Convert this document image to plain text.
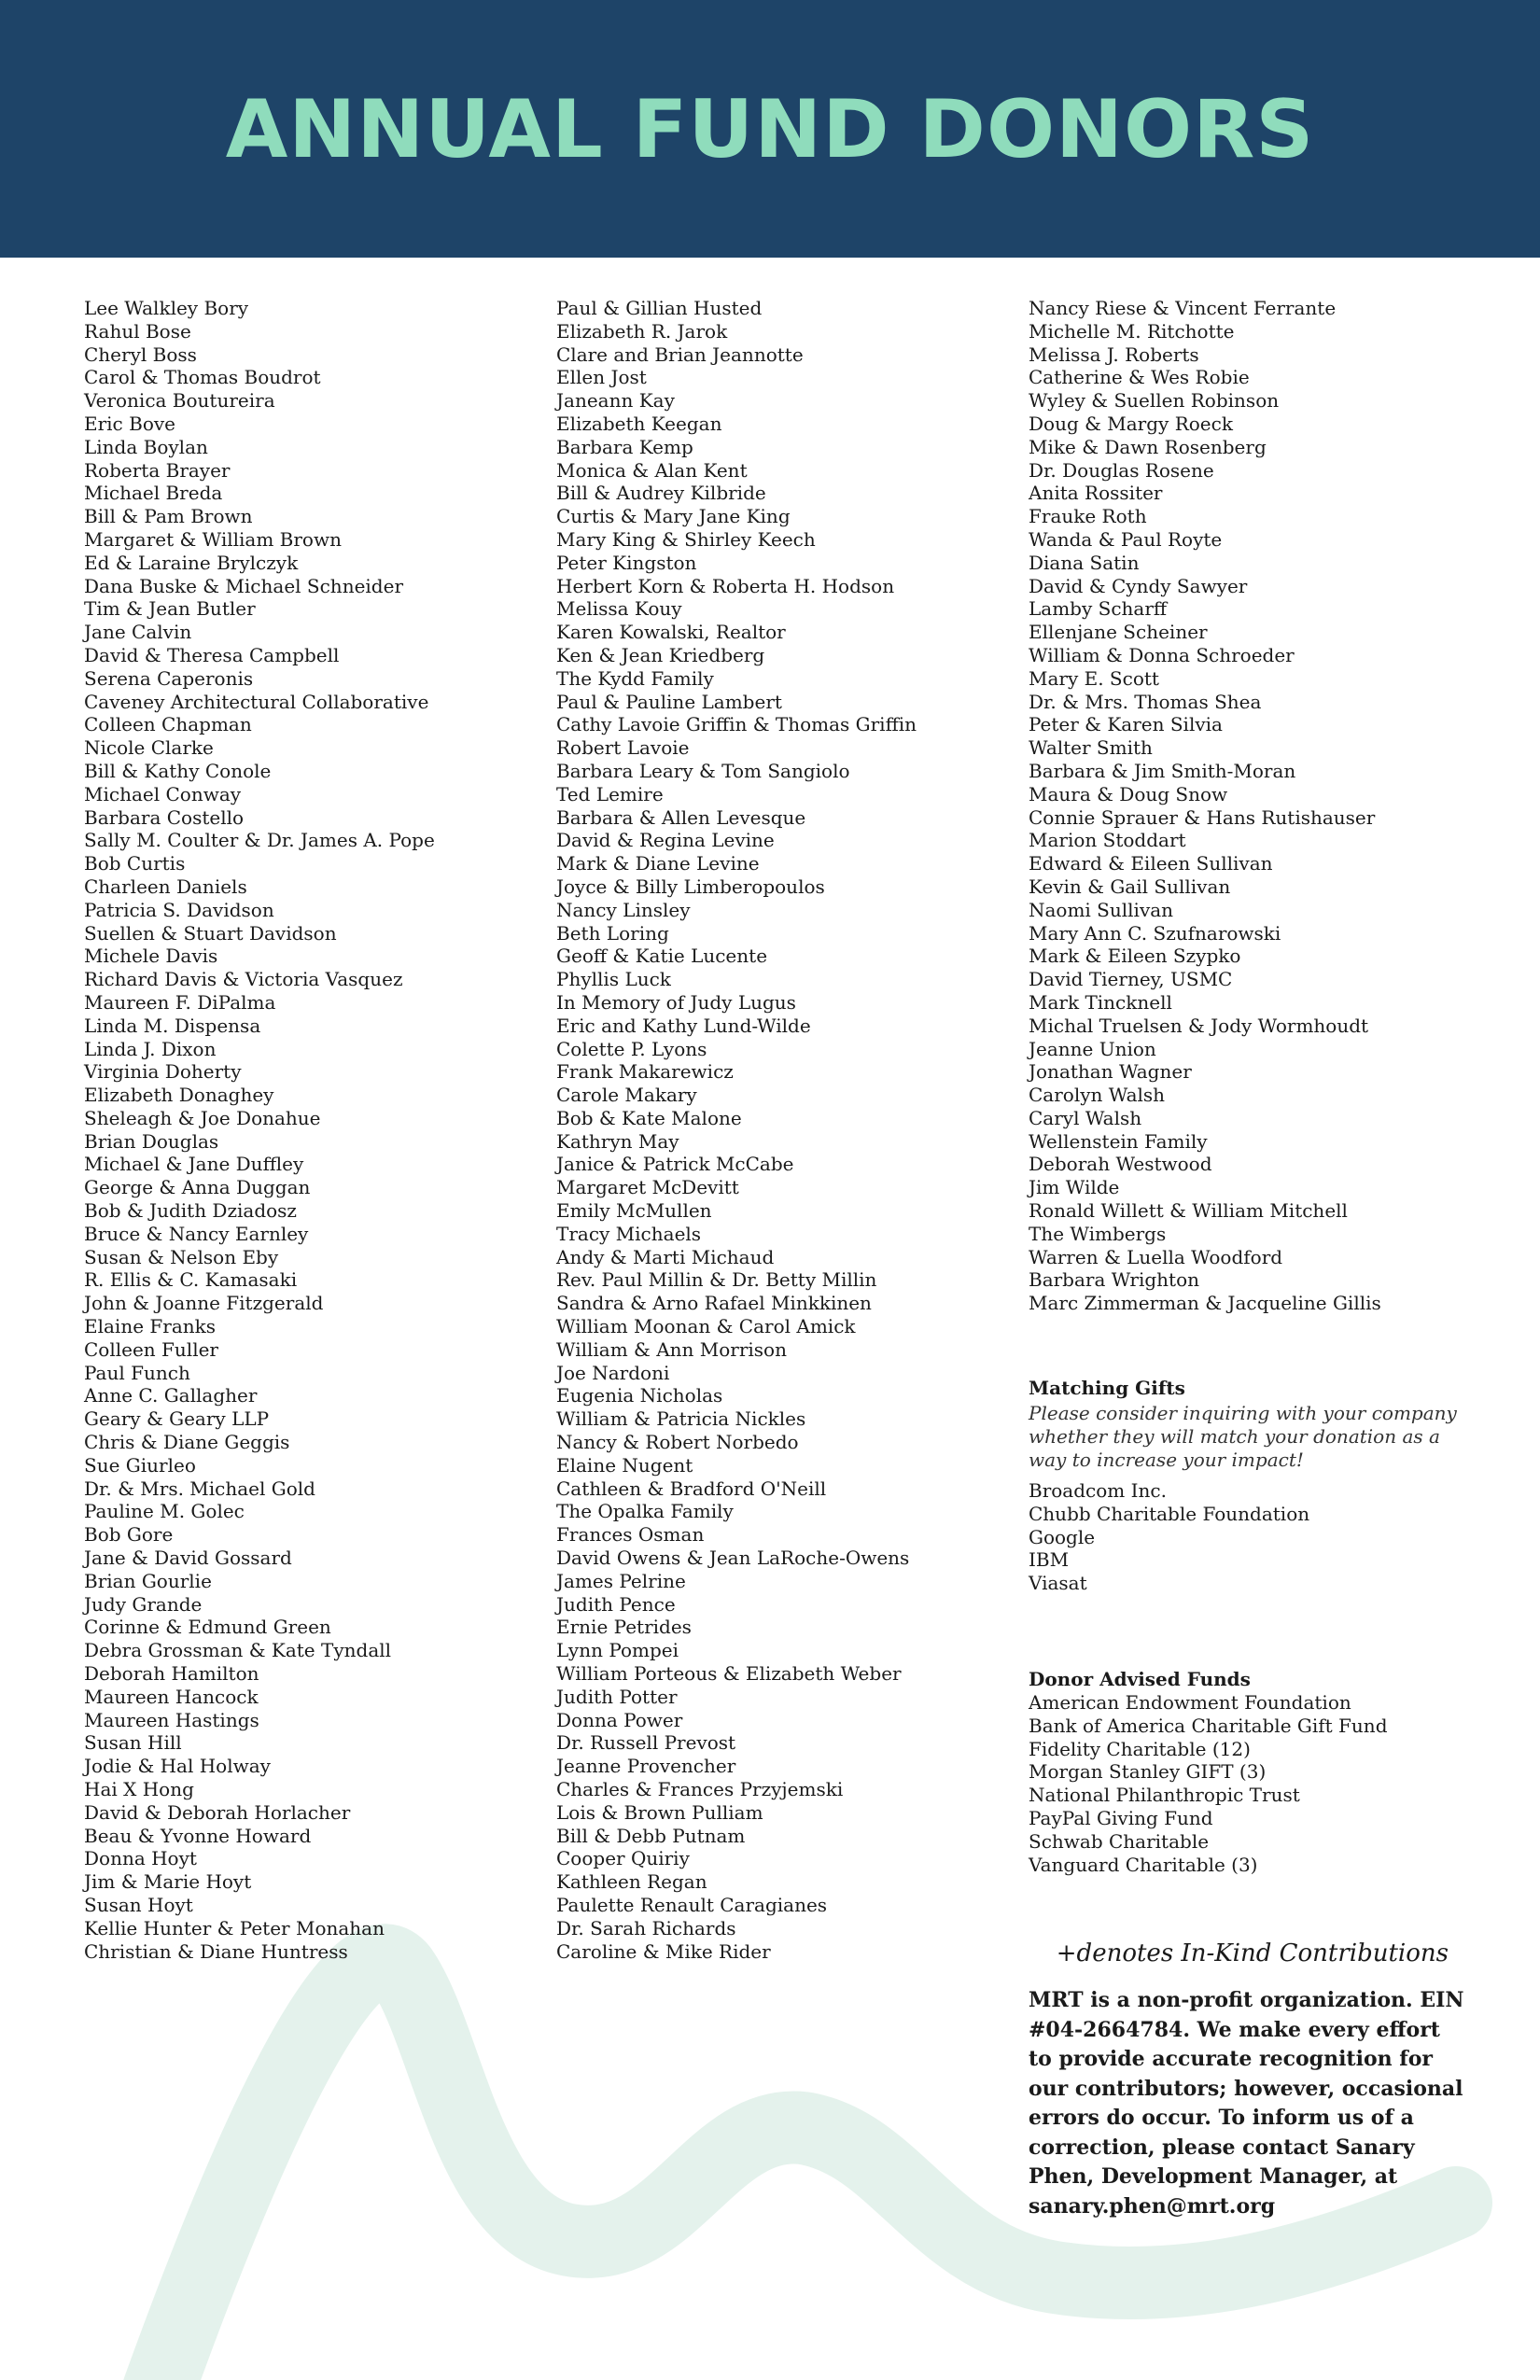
ANNUAL FUND DONORS
Lee Walkley Bory
Rahul Bose
Cheryl Boss
Carol & Thomas Boudrot
Veronica Boutureira
Eric Bove
Linda Boylan
Roberta Brayer
Michael Breda
Bill & Pam Brown
Margaret & William Brown
Ed & Laraine Brylczyk
Dana Buske & Michael Schneider
Tim & Jean Butler
Jane Calvin
David & Theresa Campbell
Serena Caperonis
Caveney Architectural Collaborative
Colleen Chapman
Nicole Clarke
Bill & Kathy Conole
Michael Conway
Barbara Costello
Sally M. Coulter & Dr. James A. Pope
Bob Curtis
Charleen Daniels
Patricia S. Davidson
Suellen & Stuart Davidson
Michele Davis
Richard Davis & Victoria Vasquez
Maureen F. DiPalma
Linda M. Dispensa
Linda J. Dixon
Virginia Doherty
Elizabeth Donaghey
Sheleagh & Joe Donahue
Brian Douglas
Michael & Jane Duffley
George & Anna Duggan
Bob & Judith Dziadosz
Bruce & Nancy Earnley
Susan & Nelson Eby
R. Ellis & C. Kamasaki
John & Joanne Fitzgerald
Elaine Franks
Colleen Fuller
Paul Funch
Anne C. Gallagher
Geary & Geary LLP
Chris & Diane Geggis
Sue Giurleo
Dr. & Mrs. Michael Gold
Pauline M. Golec
Bob Gore
Jane & David Gossard
Brian Gourlie
Judy Grande
Corinne & Edmund Green
Debra Grossman & Kate Tyndall
Deborah Hamilton
Maureen Hancock
Maureen Hastings
Susan Hill
Jodie & Hal Holway
Hai X Hong
David & Deborah Horlacher
Beau & Yvonne Howard
Donna Hoyt
Jim & Marie Hoyt
Susan Hoyt
Kellie Hunter & Peter Monahan
Christian & Diane Huntress
Paul & Gillian Husted
Elizabeth R. Jarok
Clare and Brian Jeannotte
Ellen Jost
Janeann Kay
Elizabeth Keegan
Barbara Kemp
Monica & Alan Kent
Bill & Audrey Kilbride
Curtis & Mary Jane King
Mary King & Shirley Keech
Peter Kingston
Herbert Korn & Roberta H. Hodson
Melissa Kouy
Karen Kowalski, Realtor
Ken & Jean Kriedberg
The Kydd Family
Paul & Pauline Lambert
Cathy Lavoie Griffin & Thomas Griffin
Robert Lavoie
Barbara Leary & Tom Sangiolo
Ted Lemire
Barbara & Allen Levesque
David & Regina Levine
Mark & Diane Levine
Joyce & Billy Limberopoulos
Nancy Linsley
Beth Loring
Geoff & Katie Lucente
Phyllis Luck
In Memory of Judy Lugus
Eric and Kathy Lund-Wilde
Colette P. Lyons
Frank Makarewicz
Carole Makary
Bob & Kate Malone
Kathryn May
Janice & Patrick McCabe
Margaret McDevitt
Emily McMullen
Tracy Michaels
Andy & Marti Michaud
Rev. Paul Millin & Dr. Betty Millin
Sandra & Arno Rafael Minkkinen
William Moonan & Carol Amick
William & Ann Morrison
Joe Nardoni
Eugenia Nicholas
William & Patricia Nickles
Nancy & Robert Norbedo
Elaine Nugent
Cathleen & Bradford O'Neill
The Opalka Family
Frances Osman
David Owens & Jean LaRoche-Owens
James Pelrine
Judith Pence
Ernie Petrides
Lynn Pompei
William Porteous & Elizabeth Weber
Judith Potter
Donna Power
Dr. Russell Prevost
Jeanne Provencher
Charles & Frances Przyjemski
Lois & Brown Pulliam
Bill & Debb Putnam
Cooper Quiriy
Kathleen Regan
Paulette Renault Caragianes
Dr. Sarah Richards
Caroline & Mike Rider
Nancy Riese & Vincent Ferrante
Michelle M. Ritchotte
Melissa J. Roberts
Catherine & Wes Robie
Wyley & Suellen Robinson
Doug & Margy Roeck
Mike & Dawn Rosenberg
Dr. Douglas Rosene
Anita Rossiter
Frauke Roth
Wanda & Paul Royte
Diana Satin
David & Cyndy Sawyer
Lamby Scharff
Ellenjane Scheiner
William & Donna Schroeder
Mary E. Scott
Dr. & Mrs. Thomas Shea
Peter & Karen Silvia
Walter Smith
Barbara & Jim Smith-Moran
Maura & Doug Snow
Connie Sprauer & Hans Rutishauser
Marion Stoddart
Edward & Eileen Sullivan
Kevin & Gail Sullivan
Naomi Sullivan
Mary Ann C. Szufnarowski
Mark & Eileen Szypko
David Tierney, USMC
Mark Tincknell
Michal Truelsen & Jody Wormhoudt
Jeanne Union
Jonathan Wagner
Carolyn Walsh
Caryl Walsh
Wellenstein Family
Deborah Westwood
Jim Wilde
Ronald Willett & William Mitchell
The Wimbergs
Warren & Luella Woodford
Barbara Wrighton
Marc Zimmerman & Jacqueline Gillis
Matching Gifts

Please consider inquiring with your company whether they will match your donation as a way to increase your impact!

Broadcom Inc.
Chubb Charitable Foundation
Google
IBM
Viasat
Donor Advised Funds
American Endowment Foundation
Bank of America Charitable Gift Fund
Fidelity Charitable (12)
Morgan Stanley GIFT (3)
National Philanthropic Trust
PayPal Giving Fund
Schwab Charitable
Vanguard Charitable (3)
+denotes In-Kind Contributions

MRT is a non-profit organization. EIN #04-2664784. We make every effort to provide accurate recognition for our contributors; however, occasional errors do occur. To inform us of a correction, please contact Sanary Phen, Development Manager, at sanary.phen@mrt.org
